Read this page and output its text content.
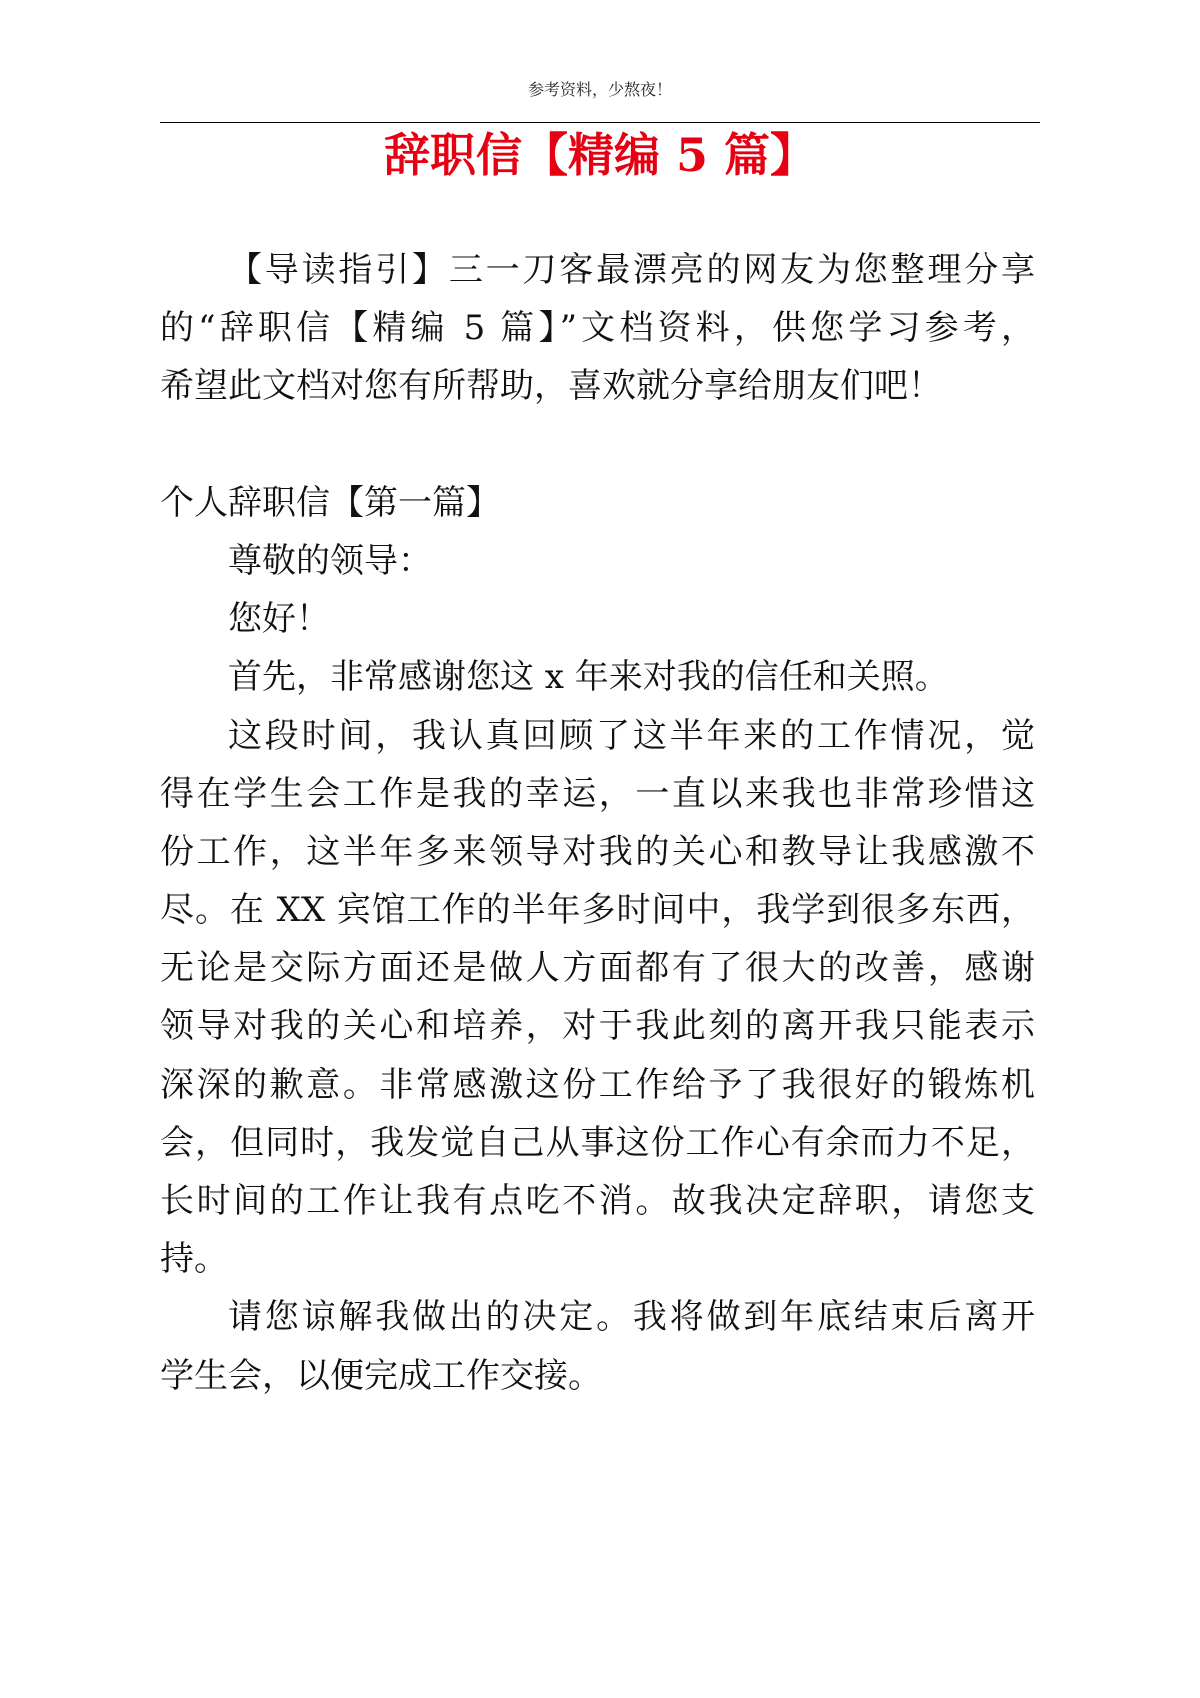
参考资料，少熬夜！
辞职信【精编 5 篇】
【导读指引】三一刀客最漂亮的网友为您整理分享
的“辞职信【精编 5 篇】”文档资料，供您学习参考，
希望此文档对您有所帮助，喜欢就分享给朋友们吧！
个人辞职信【第一篇】
尊敬的领导：
您好！
首先，非常感谢您这 x 年来对我的信任和关照。
这段时间，我认真回顾了这半年来的工作情况，觉
得在学生会工作是我的幸运，一直以来我也非常珍惜这
份工作，这半年多来领导对我的关心和教导让我感激不
尽。在 XX 宾馆工作的半年多时间中，我学到很多东西，
无论是交际方面还是做人方面都有了很大的改善，感谢
领导对我的关心和培养，对于我此刻的离开我只能表示
深深的歉意。非常感激这份工作给予了我很好的锻炼机
会，但同时，我发觉自己从事这份工作心有余而力不足，
长时间的工作让我有点吃不消。故我决定辞职，请您支
持。
请您谅解我做出的决定。我将做到年底结束后离开
学生会，以便完成工作交接。
